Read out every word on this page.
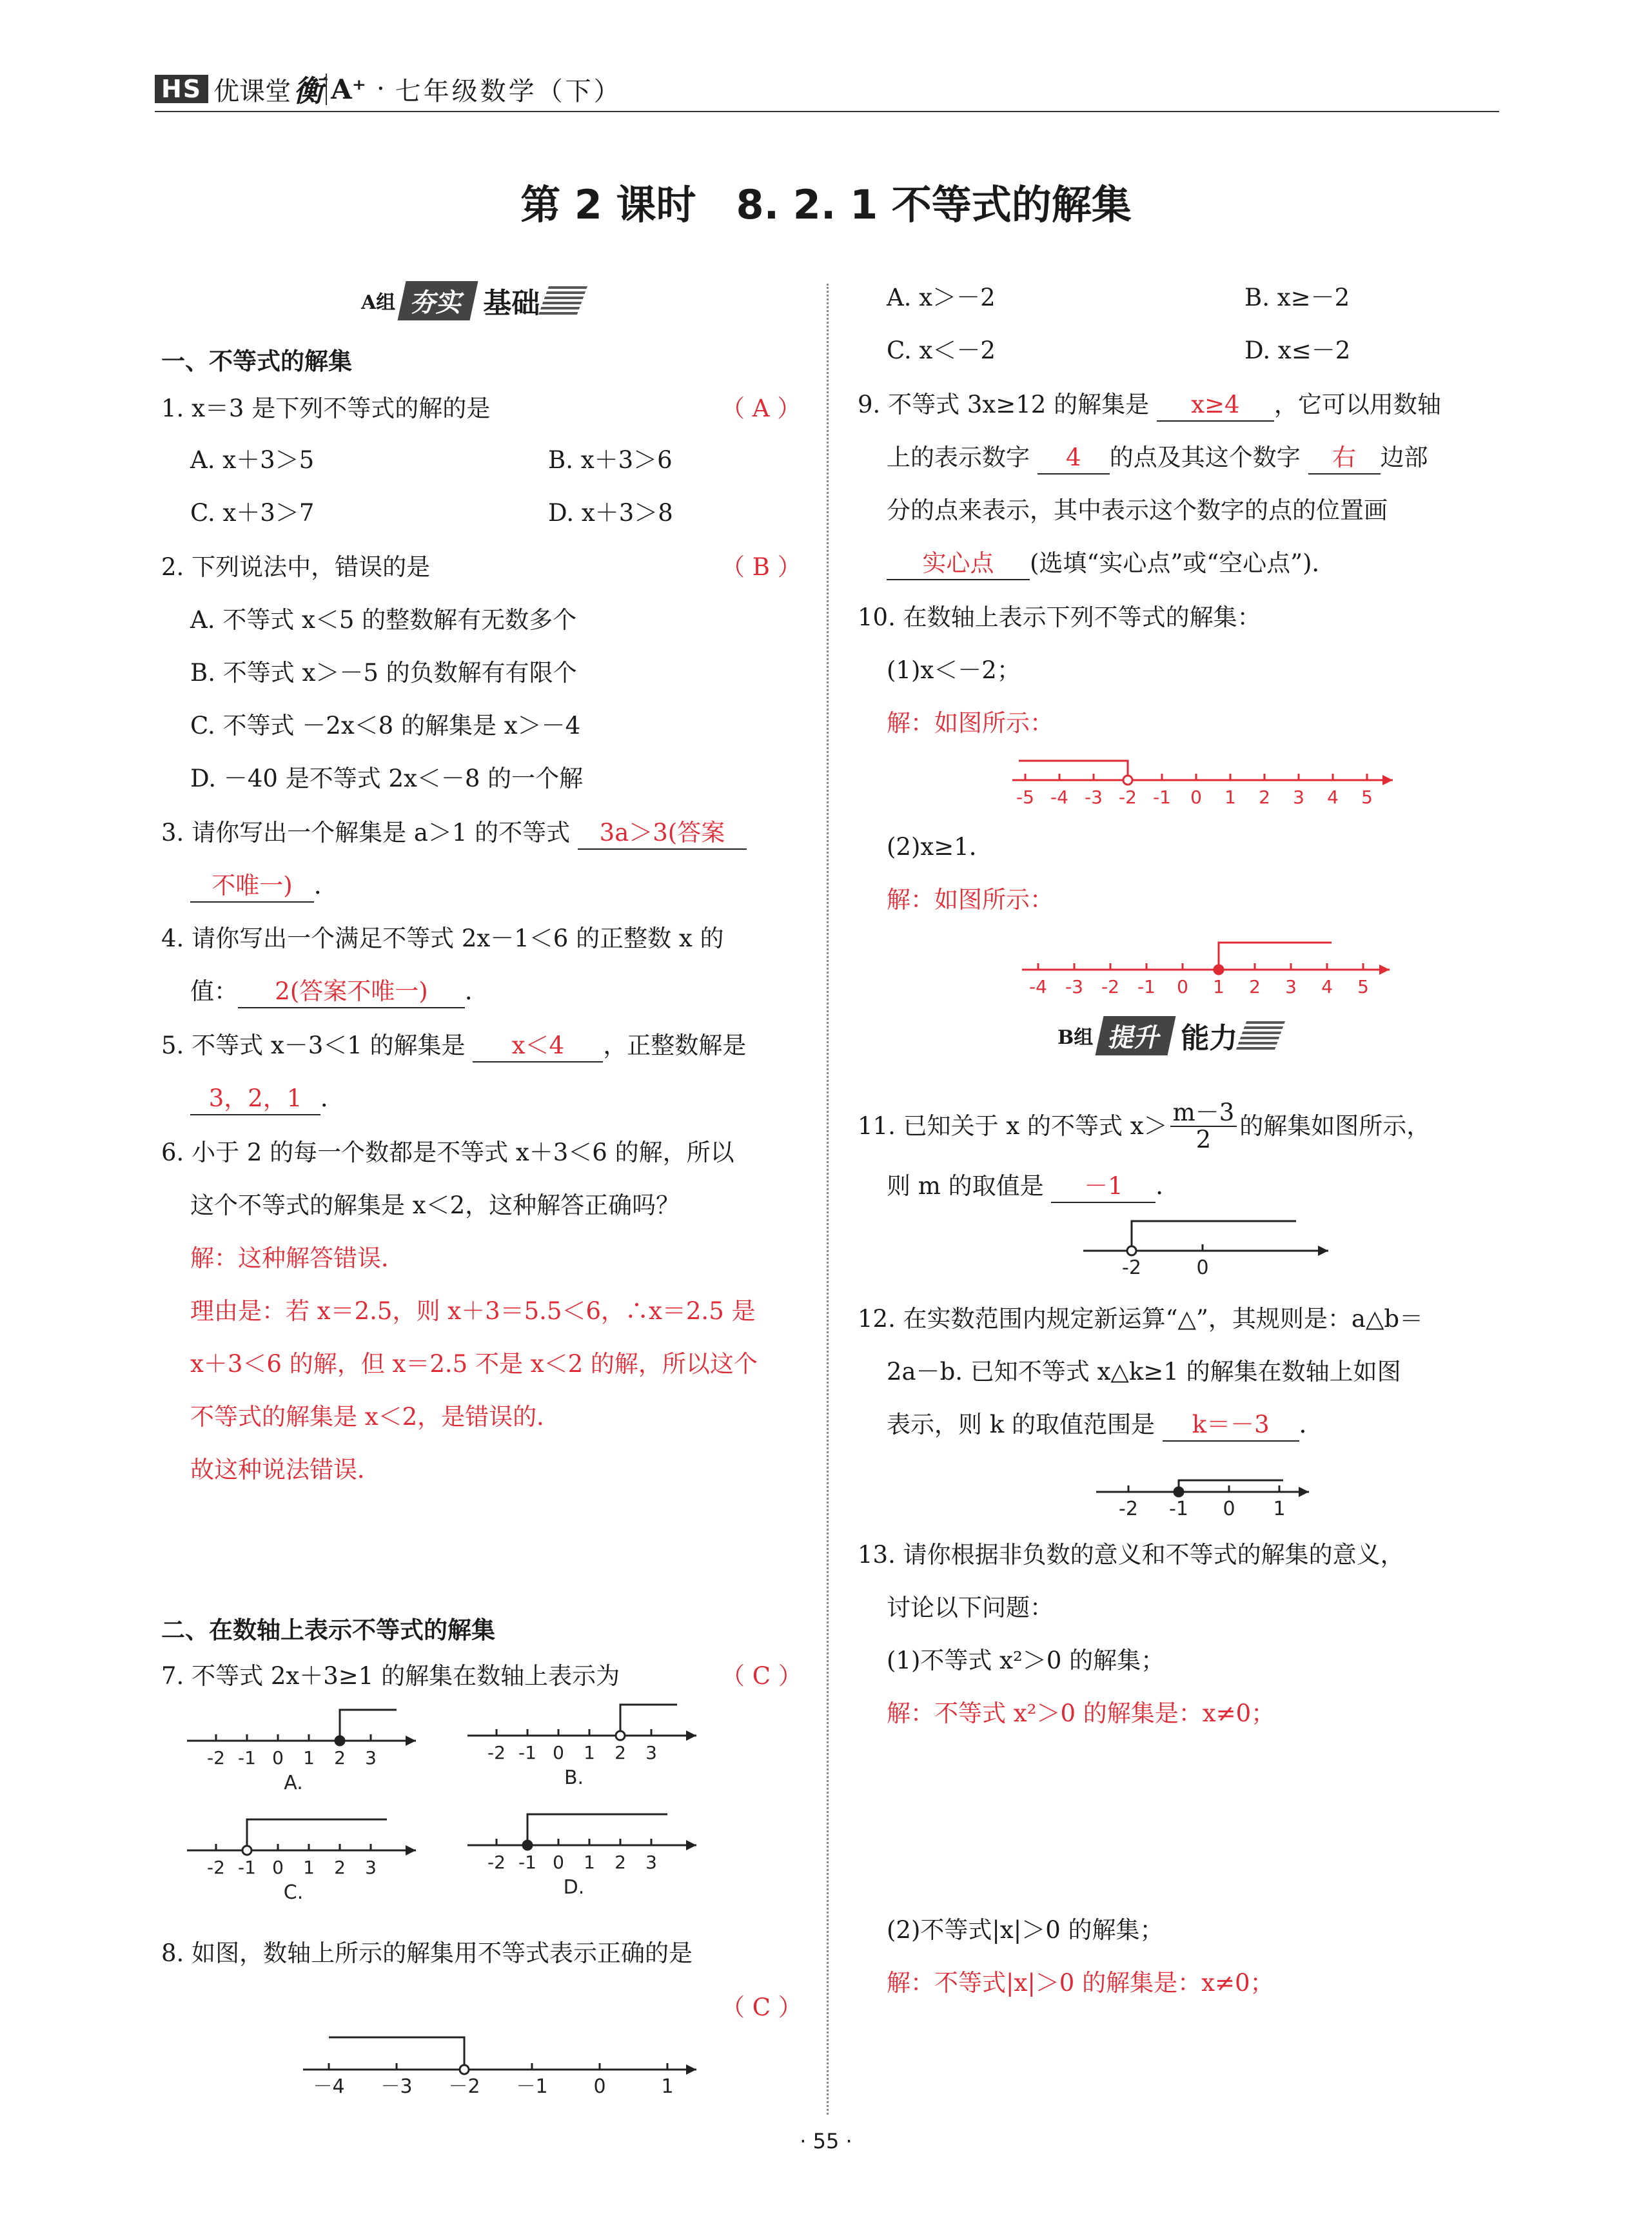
HS 优课堂 衡 A⁺ · 七年级数学（下）
第 2 课时　8. 2. 1 不等式的解集
A组 夯实 基础
一、不等式的解集
1. x＝3 是下列不等式的解的是	（ A ）
A. x＋3＞5	B. x＋3＞6
C. x＋3＞7	D. x＋3＞8
2. 下列说法中，错误的是	（ B ）
A. 不等式 x＜5 的整数解有无数多个
B. 不等式 x＞－5 的负数解有有限个
C. 不等式 －2x＜8 的解集是 x＞－4
D. －40 是不等式 2x＜－8 的一个解
3. 请你写出一个解集是 a＞1 的不等式 3a＞3(答案
不唯一) ．
4. 请你写出一个满足不等式 2x－1＜6 的正整数 x 的
值： 2(答案不唯一) ．
5. 不等式 x－3＜1 的解集是 x＜4 ，正整数解是
3，2，1 ．
6. 小于 2 的每一个数都是不等式 x＋3＜6 的解，所以
这个不等式的解集是 x＜2，这种解答正确吗？
解：这种解答错误．
理由是：若 x＝2.5，则 x＋3＝5.5＜6，∴x＝2.5 是
x＋3＜6 的解，但 x＝2.5 不是 x＜2 的解，所以这个
不等式的解集是 x＜2，是错误的．
故这种说法错误．
二、在数轴上表示不等式的解集
7. 不等式 2x＋3≥1 的解集在数轴上表示为	（ C ）
-2 -1 0 1 2 3
A.
-2 -1 0 1 2 3
B.
-2 -1 0 1 2 3
C.
-2 -1 0 1 2 3
D.
8. 如图，数轴上所示的解集用不等式表示正确的是
（ C ）
－4 －3 －2 －1 0	1
A. x＞－2	B. x≥－2
C. x＜－2	D. x≤－2
9. 不等式 3x≥12 的解集是 x≥4 ，它可以用数轴
上的表示数字 4 的点及其这个数字 右 边部
分的点来表示，其中表示这个数字的点的位置画
实心点 (选填“实心点”或“空心点”)．
10. 在数轴上表示下列不等式的解集：
(1)x＜－2；
解：如图所示：
-5 -4 -3 -2 -1 0 1 2 3 4 5
(2)x≥1．
解：如图所示：
-4 -3 -2 -1 0 1 2 3 4 5
B组 提升 能力
11. 已知关于 x 的不等式 $x> \frac{m-3}{2}$ 的解集如图所示，
则 m 的取值是 －1 ．
-2	0
12. 在实数范围内规定新运算“△”，其规则是：a△b＝
2a－b. 已知不等式 x△k≥1 的解集在数轴上如图
表示，则 k 的取值范围是 k＝－3 ．
-2 -1 0 1
13. 请你根据非负数的意义和不等式的解集的意义，
讨论以下问题：
(1)不等式 x²＞0 的解集；
解：不等式 x²＞0 的解集是：x≠0；
(2)不等式|x|＞0 的解集；
解：不等式|x|＞0 的解集是：x≠0；
· 55 ·
